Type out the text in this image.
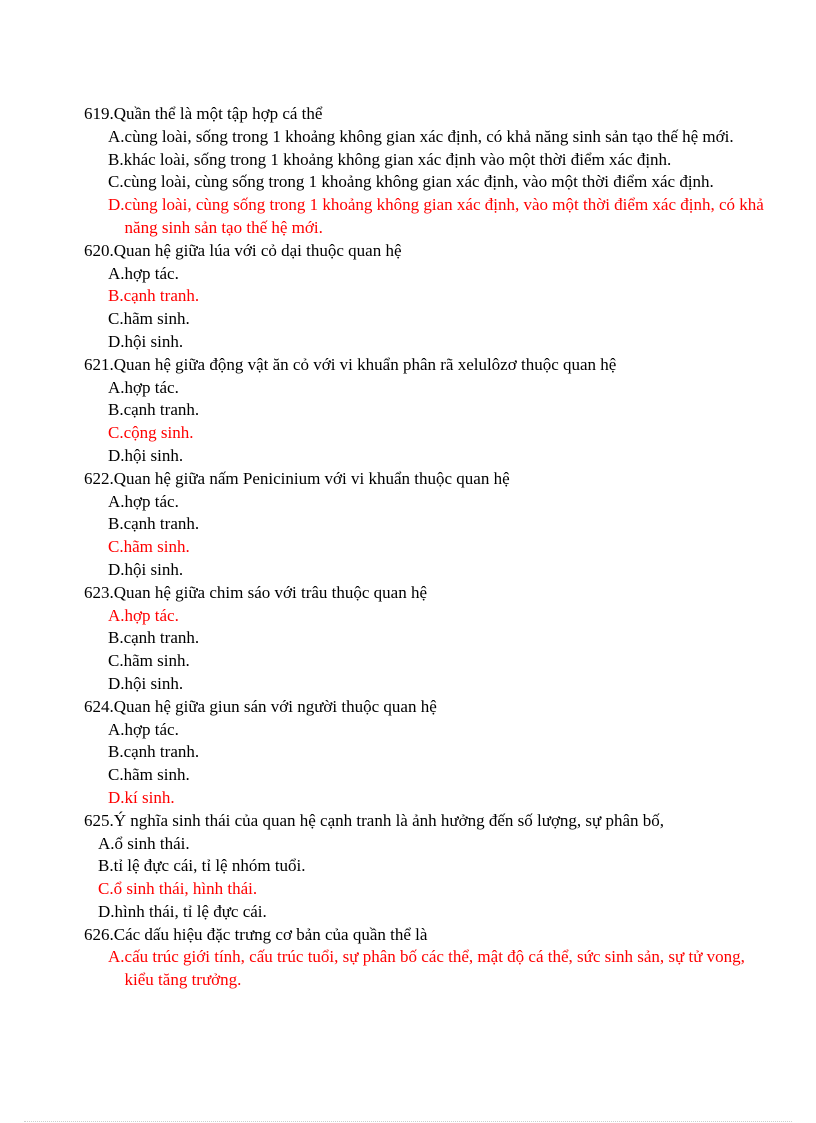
619.Quần thể là một tập hợp cá thể
A. cùng loài, sống trong 1 khoảng không gian xác định, có khả năng sinh sản tạo thế hệ mới.
B. khác loài, sống trong 1 khoảng không gian xác định vào một thời điểm xác định.
C. cùng loài, cùng sống trong 1 khoảng không gian xác định, vào một thời điểm xác định.
D. cùng loài, cùng sống trong 1 khoảng không gian xác định, vào một thời điểm xác định, có khả năng sinh sản tạo thế hệ mới.
620.Quan hệ giữa lúa với cỏ dại thuộc quan hệ
A. hợp tác.
B. cạnh tranh.
C. hãm sinh.
D. hội sinh.
621.Quan hệ giữa động vật ăn cỏ với vi khuẩn phân rã xelulôzơ thuộc quan hệ
A. hợp tác.
B. cạnh tranh.
C. cộng sinh.
D. hội sinh.
622.Quan hệ giữa nấm Penicinium với vi khuẩn thuộc quan hệ
A. hợp tác.
B. cạnh tranh.
C. hãm sinh.
D. hội sinh.
623.Quan hệ giữa chim sáo với trâu thuộc quan hệ
A. hợp tác.
B. cạnh tranh.
C. hãm sinh.
D. hội sinh.
624.Quan hệ giữa giun sán với người thuộc quan hệ
A. hợp tác.
B. cạnh tranh.
C. hãm sinh.
D. kí sinh.
625.Ý nghĩa sinh thái của quan hệ cạnh tranh là ảnh hưởng đến số lượng, sự phân bố,
A. ổ sinh thái.
B. tỉ lệ đực cái, tỉ lệ nhóm tuổi.
C. ổ sinh thái, hình thái.
D. hình thái, tỉ lệ đực cái.
626.Các dấu hiệu đặc trưng cơ bản của quần thể là
A. cấu trúc giới tính, cấu trúc tuổi, sự phân bố các thể, mật độ cá thể, sức sinh sản, sự tử vong, kiểu tăng trưởng.
